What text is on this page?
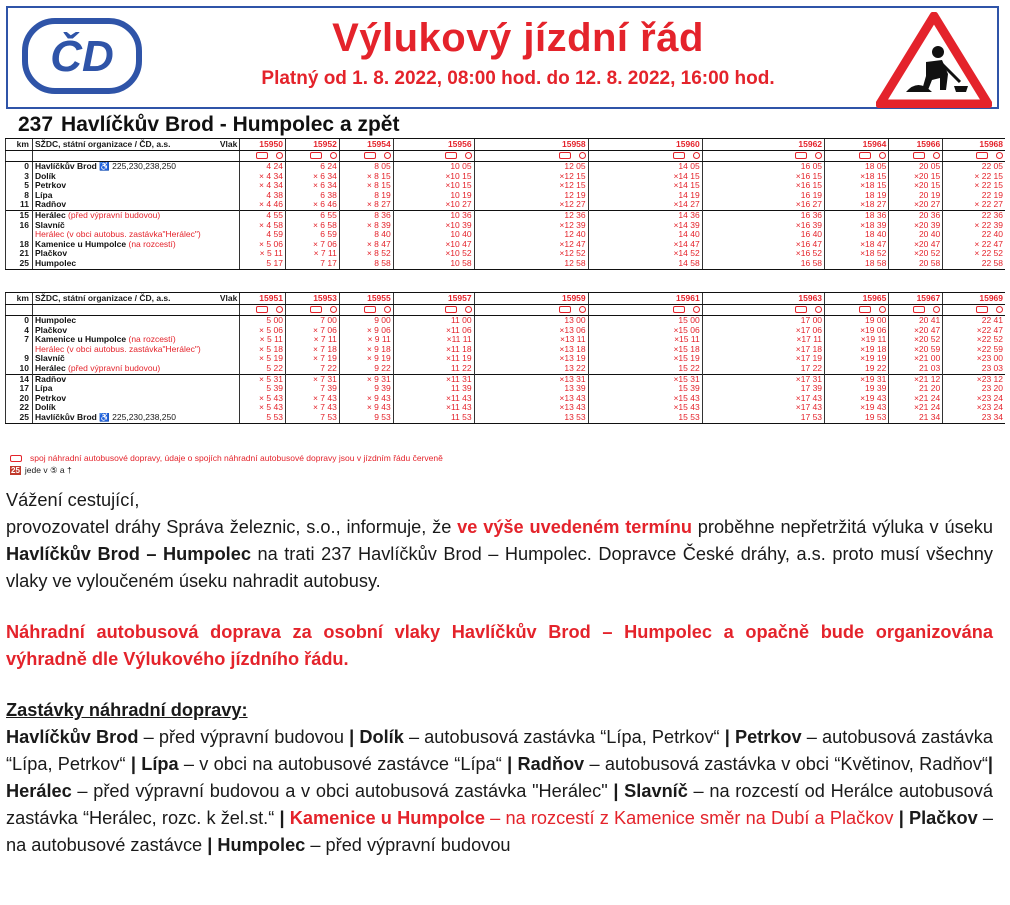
ČD	Výlukový jízdní řád
Platný od 1. 8. 2022, 08:00 hod. do 12. 8. 2022, 16:00 hod.
237 Havlíčkův Brod - Humpolec a zpět
km	SŽDC, státní organizace / ČD, a.s. Vlak	15950	15952	15954	15956	15958	15960	15962	15964	15966	15968

0	Havlíčkův Brod ♿ 225,230,238,250	4 24	6 24	8 05	10 05	12 05	14 05	16 05	18 05	20 05	22 05
3	Dolík	× 4 34	× 6 34	× 8 15	×10 15	×12 15	×14 15	×16 15	×18 15	×20 15	× 22 15
5	Petrkov	× 4 34	× 6 34	× 8 15	×10 15	×12 15	×14 15	×16 15	×18 15	×20 15	× 22 15
8	Lípa	4 38	6 38	8 19	10 19	12 19	14 19	16 19	18 19	20 19	22 19
11	Radňov	× 4 46	× 6 46	× 8 27	×10 27	×12 27	×14 27	×16 27	×18 27	×20 27	× 22 27
15	Herálec (před výpravní budovou)	4 55	6 55	8 36	10 36	12 36	14 36	16 36	18 36	20 36	22 36
16	Slavníč	× 4 58	× 6 58	× 8 39	×10 39	×12 39	×14 39	×16 39	×18 39	×20 39	× 22 39
	Herálec (v obci autobus. zastávka"Herálec")	4 59	6 59	8 40	10 40	12 40	14 40	16 40	18 40	20 40	22 40
18	Kamenice u Humpolce (na rozcestí)	× 5 06	× 7 06	× 8 47	×10 47	×12 47	×14 47	×16 47	×18 47	×20 47	× 22 47
21	Plačkov	× 5 11	× 7 11	× 8 52	×10 52	×12 52	×14 52	×16 52	×18 52	×20 52	× 22 52
25	Humpolec	5 17	7 17	8 58	10 58	12 58	14 58	16 58	18 58	20 58	22 58
km	SŽDC, státní organizace / ČD, a.s. Vlak	15951	15953	15955	15957	15959	15961	15963	15965	15967	15969

0	Humpolec	5 00	7 00	9 00	11 00	13 00	15 00	17 00	19 00	20 41	22 41
4	Plačkov	× 5 06	× 7 06	× 9 06	×11 06	×13 06	×15 06	×17 06	×19 06	×20 47	×22 47
7	Kamenice u Humpolce (na rozcestí)	× 5 11	× 7 11	× 9 11	×11 11	×13 11	×15 11	×17 11	×19 11	×20 52	×22 52
	Herálec (v obci autobus. zastávka"Herálec")	× 5 18	× 7 18	× 9 18	×11 18	×13 18	×15 18	×17 18	×19 18	×20 59	×22 59
9	Slavníč	× 5 19	× 7 19	× 9 19	×11 19	×13 19	×15 19	×17 19	×19 19	×21 00	×23 00
10	Herálec (před výpravní budovou)	5 22	7 22	9 22	11 22	13 22	15 22	17 22	19 22	21 03	23 03
14	Radňov	× 5 31	× 7 31	× 9 31	×11 31	×13 31	×15 31	×17 31	×19 31	×21 12	×23 12
17	Lípa	5 39	7 39	9 39	11 39	13 39	15 39	17 39	19 39	21 20	23 20
20	Petrkov	× 5 43	× 7 43	× 9 43	×11 43	×13 43	×15 43	×17 43	×19 43	×21 24	×23 24
22	Dolík	× 5 43	× 7 43	× 9 43	×11 43	×13 43	×15 43	×17 43	×19 43	×21 24	×23 24
25	Havlíčkův Brod ♿ 225,230,238,250	5 53	7 53	9 53	11 53	13 53	15 53	17 53	19 53	21 34	23 34
spoj náhradní autobusové dopravy, údaje o spojích náhradní autobusové dopravy jsou v jízdním řádu červeně
25 jede v ⑤ a †

Vážení cestující,

provozovatel dráhy Správa železnic, s.o., informuje, že ve výše uvedeném termínu proběhne nepřetržitá výluka v úseku Havlíčkův Brod – Humpolec na trati 237 Havlíčkův Brod – Humpolec. Dopravce České dráhy, a.s. proto musí všechny vlaky ve vyloučeném úseku nahradit autobusy.

Náhradní autobusová doprava za osobní vlaky Havlíčkův Brod – Humpolec a opačně bude organizována výhradně dle Výlukového jízdního řádu.

Zastávky náhradní dopravy:

Havlíčkův Brod – před výpravní budovou | Dolík – autobusová zastávka “Lípa, Petrkov“ | Petrkov – autobusová zastávka “Lípa, Petrkov“ | Lípa – v obci na autobusové zastávce “Lípa“ | Radňov – autobusová zastávka v obci “Květinov, Radňov“| Herálec – před výpravní budovou a v obci autobusová zastávka "Herálec" | Slavníč – na rozcestí od Herálce autobusová zastávka “Herálec, rozc. k žel.st.“ | Kamenice u Humpolce – na rozcestí z Kamenice směr na Dubí a Plačkov | Plačkov – na autobusové zastávce | Humpolec – před výpravní budovou
